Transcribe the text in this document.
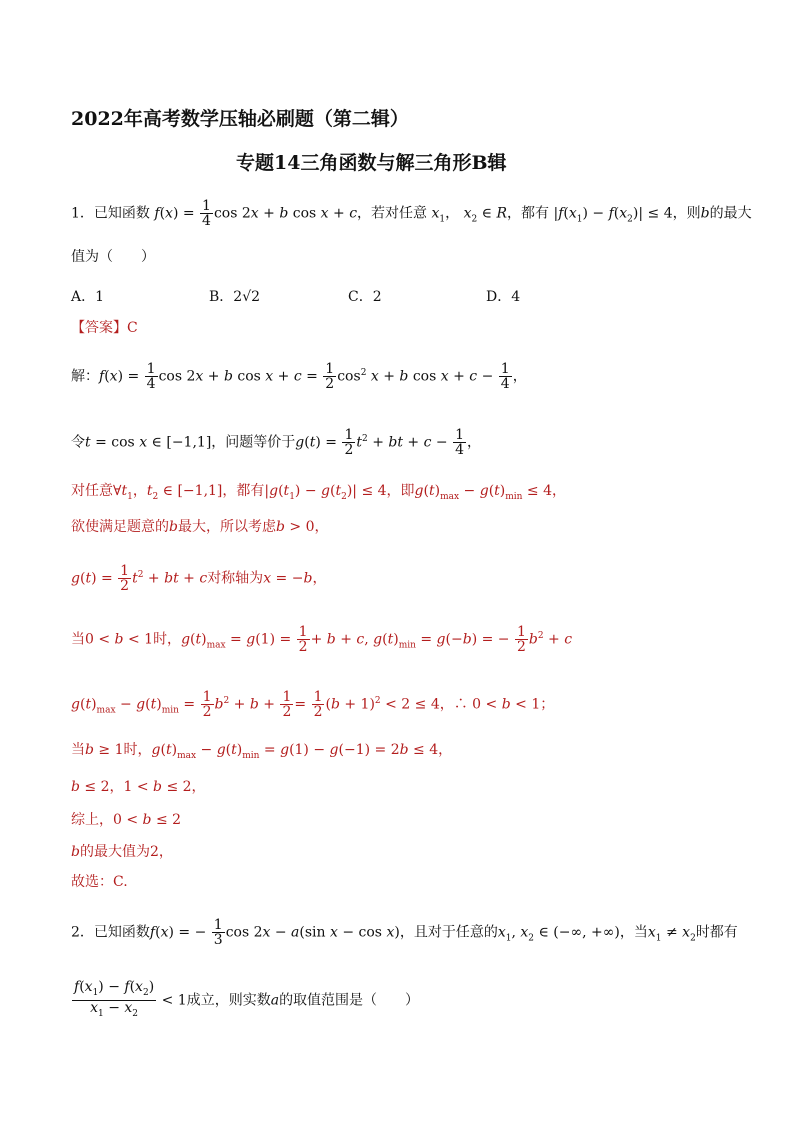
2022年高考数学压轴必刷题（第二辑）
专题14三角函数与解三角形B辑
1．已知函数 $f(x) = \frac{1}{4}$ cos 2x + b cos x + c，若对任意 $x_1$， $x_2$ ∈ R，都有 $|f(x_1) - f(x_2)| \le 4$，则b的最大
值为（　　）
A．1	B．2√2	C．2	D．4
【答案】C
解：$f(x) = \frac{1}{4}$ cos 2x + b $\cos x + c = \frac{1}{2} \cos^2 x + b$ $\cos x + c - \frac{1}{4}$ ，
令t = cos x ∈ [−1,1]，问题等价于$g(t) = \frac{1}{2} t^2$ + bt + $c - \frac{1}{4}$ ，
对任意$\forall t_1$，$t_2$ ∈ [−1,1]，都有$|g(t_1) - g(t_2)| \le 4$，即$g(t)_{max} - g(t)_{min} \le 4$，
欲使满足题意的b最大，所以考虑b > 0，
$g(t) = \frac{1}{2} t^2$ + bt + c对称轴为x = −b，
当0 < b < 1时，$g(t)_{max} = g(1) = \frac{1}{2} + b + c$, $g(t)_{min} = g(-b)$ = − $\frac{1}{2} b^2 + c$
$g(t)_{max} - g(t)_{min} = \frac{1}{2} b^2 + b + \frac{1}{2} = \frac{1}{2} (b + 1)^2 < 2 \le 4$，∴ 0 < b < 1；
当b ≥ 1时，$g(t)_{max} - g(t)_{min} = g(1) - g(-1) = 2b \le 4$，
b ≤ 2，1 < b ≤ 2，
综上，0 < b ≤ 2
b的最大值为2，
故选：C.
2．已知函数f(x) = − $\frac{1}{3}$ cos 2x − a(sin x − cos x)，且对于任意的$x_1$, $x_2$ ∈ (−∞, +∞)，当$x_1 \ne x_2$时都有
$\frac{f(x_1) - f(x_2)}{x_1 - x_2} < 1$成立，则实数a的取值范围是（　　）
